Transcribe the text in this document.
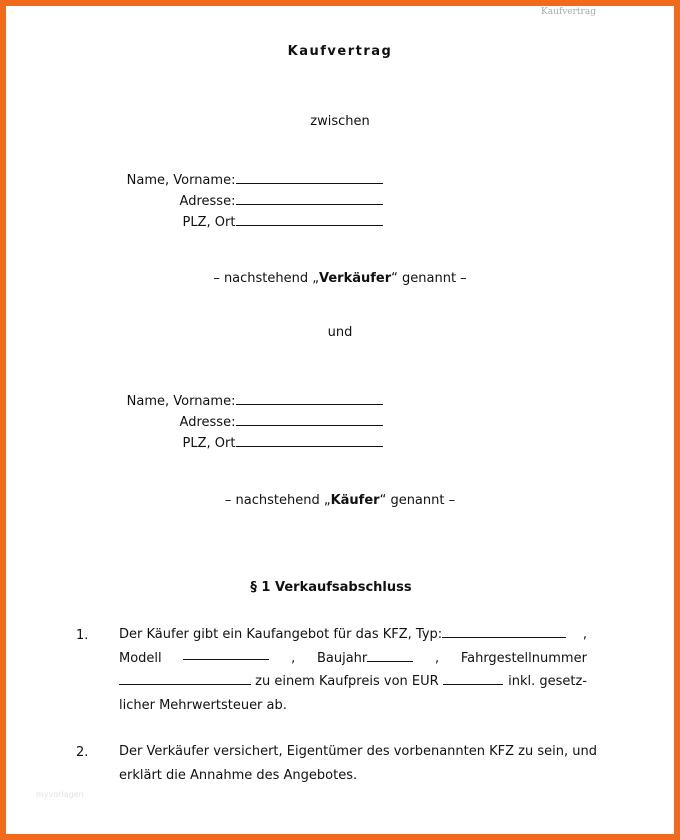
Kaufvertrag
Kaufvertrag
zwischen
Name, Vorname:
Adresse:
PLZ, Ort
– nachstehend „Verkäufer“ genannt –
und
Name, Vorname:
Adresse:
PLZ, Ort
– nachstehend „Käufer“ genannt –
§ 1 Verkaufsabschluss
1. Der Käufer gibt ein Kaufangebot für das KFZ, Typ:	,
Modell	, Baujahr	, Fahrgestellnummer
zu einem Kaufpreis von EUR	inkl. gesetz-
licher Mehrwertsteuer ab.
2. Der Verkäufer versichert, Eigentümer des vorbenannten KFZ zu sein, und
erklärt die Annahme des Angebotes.
myvorlagen
